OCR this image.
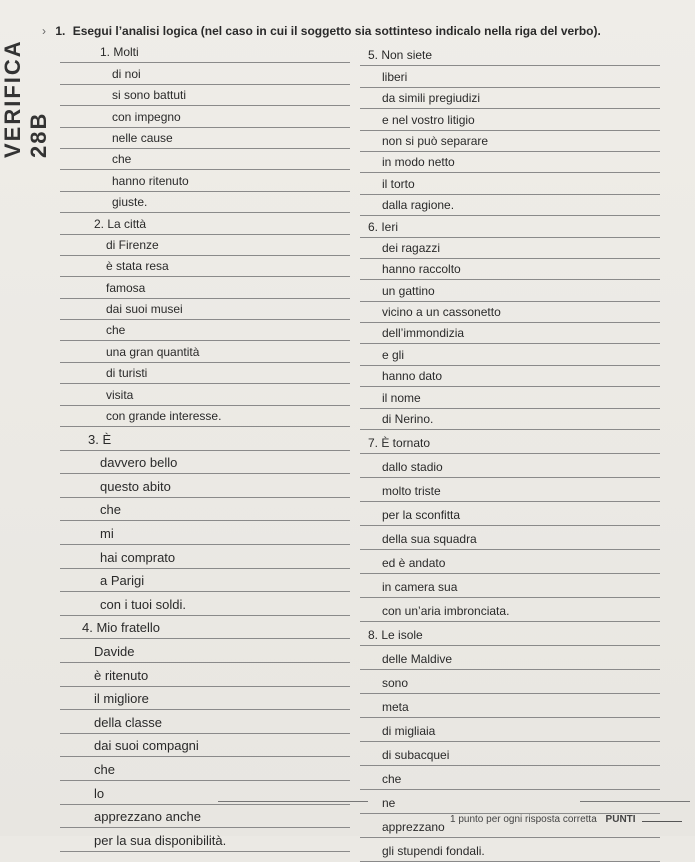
VERIFICA 28B
› 1. Esegui l’analisi logica (nel caso in cui il soggetto sia sottinteso indicalo nella riga del verbo).
1. Molti
di noi
si sono battuti
con impegno
nelle cause
che
hanno ritenuto
giuste.
2. La città
di Firenze
è stata resa
famosa
dai suoi musei
che
una gran quantità
di turisti
visita
con grande interesse.
3. È
davvero bello
questo abito
che
mi
hai comprato
a Parigi
con i tuoi soldi.
4. Mio fratello
Davide
è ritenuto
il migliore
della classe
dai suoi compagni
che
lo
apprezzano anche
per la sua disponibilità.
5. Non siete
liberi
da simili pregiudizi
e nel vostro litigio
non si può separare
in modo netto
il torto
dalla ragione.
6. Ieri
dei ragazzi
hanno raccolto
un gattino
vicino a un cassonetto
dell’immondizia
e gli
hanno dato
il nome
di Nerino.
7. È tornato
dallo stadio
molto triste
per la sconfitta
della sua squadra
ed è andato
in camera sua
con un’aria imbronciata.
8. Le isole
delle Maldive
sono
meta
di migliaia
di subacquei
che
ne
apprezzano
gli stupendi fondali.
1 punto per ogni risposta corretta PUNTI
